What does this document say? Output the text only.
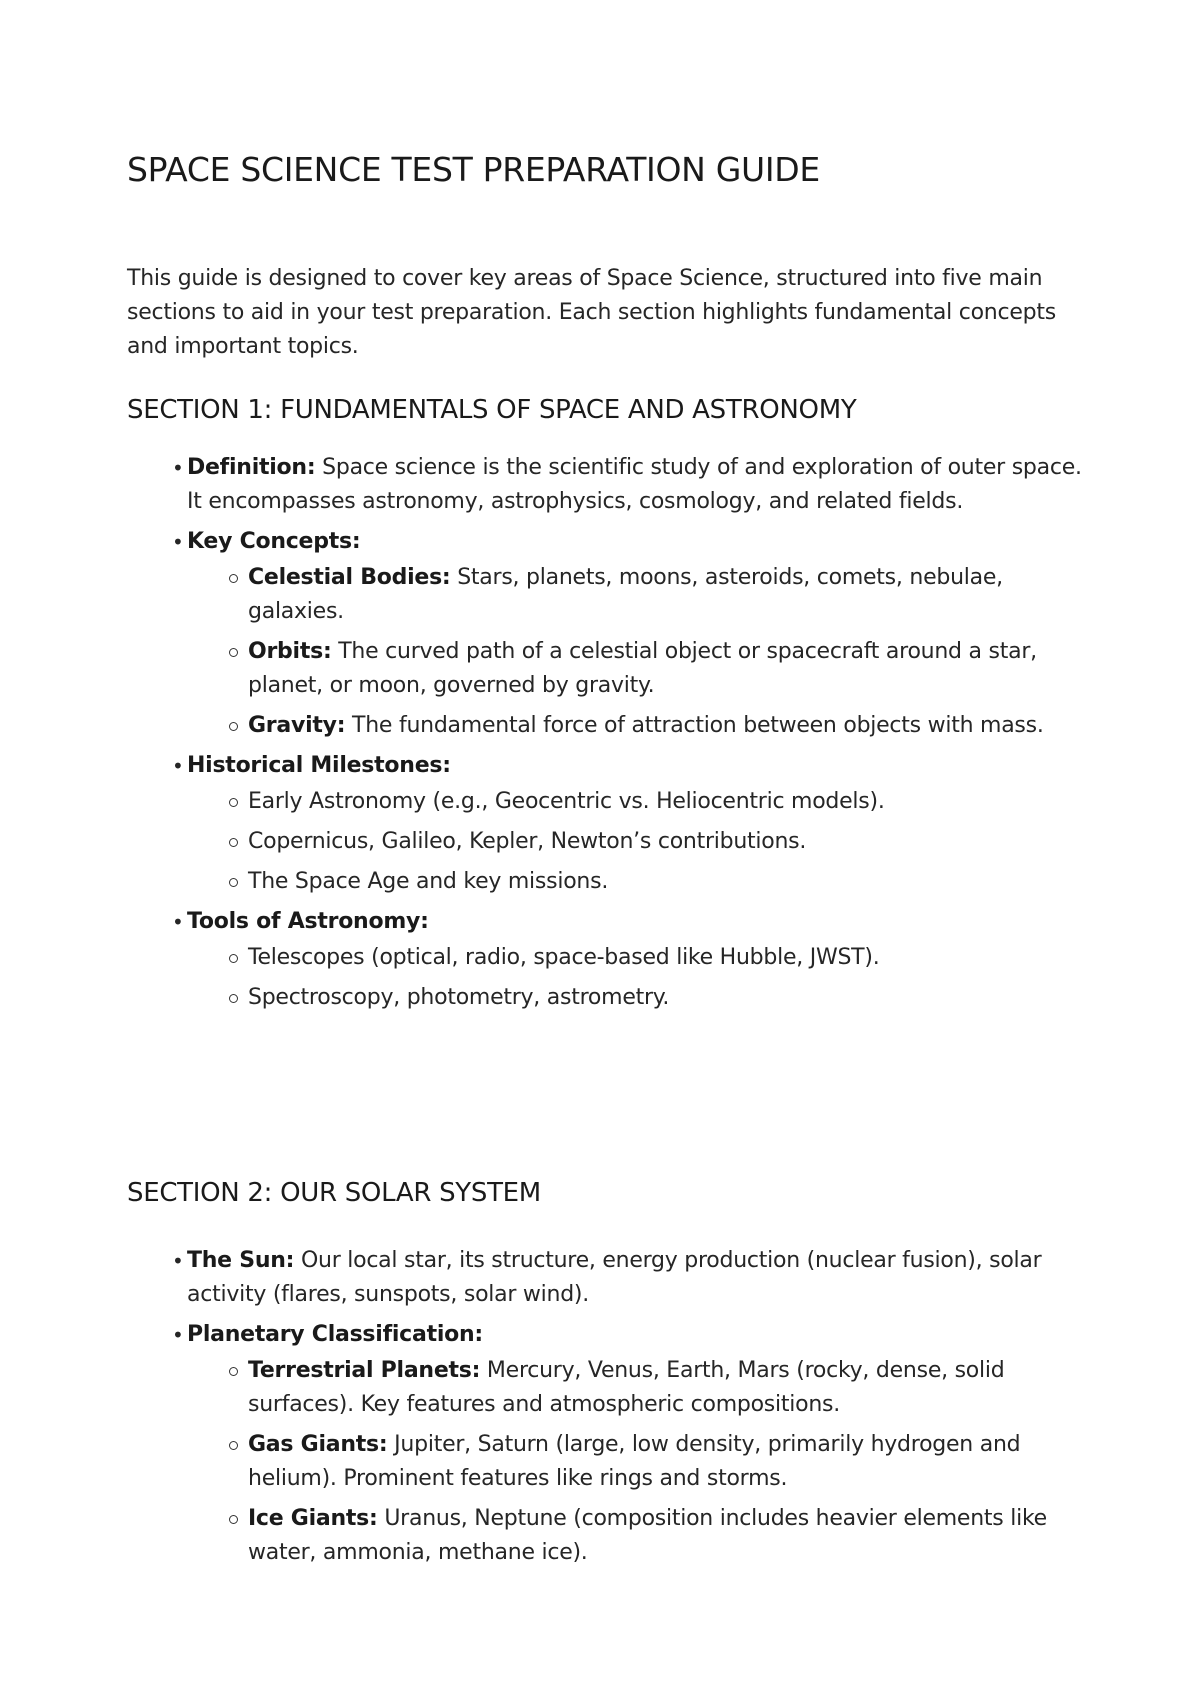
SPACE SCIENCE TEST PREPARATION GUIDE

This guide is designed to cover key areas of Space Science, structured into five main sections to aid in your test preparation. Each section highlights fundamental concepts and important topics.

SECTION 1: FUNDAMENTALS OF SPACE AND ASTRONOMY
• Definition: Space science is the scientific study of and exploration of outer space. It encompasses astronomy, astrophysics, cosmology, and related fields.
• Key Concepts:
Celestial Bodies: Stars, planets, moons, asteroids, comets, nebulae, galaxies.
Orbits: The curved path of a celestial object or spacecraft around a star, planet, or moon, governed by gravity.
Gravity: The fundamental force of attraction between objects with mass.
• Historical Milestones:
Early Astronomy (e.g., Geocentric vs. Heliocentric models).
Copernicus, Galileo, Kepler, Newton’s contributions.
The Space Age and key missions.
• Tools of Astronomy:
Telescopes (optical, radio, space-based like Hubble, JWST).
Spectroscopy, photometry, astrometry.
SECTION 2: OUR SOLAR SYSTEM
• The Sun: Our local star, its structure, energy production (nuclear fusion), solar activity (flares, sunspots, solar wind).
• Planetary Classification:
Terrestrial Planets: Mercury, Venus, Earth, Mars (rocky, dense, solid surfaces). Key features and atmospheric compositions.
Gas Giants: Jupiter, Saturn (large, low density, primarily hydrogen and helium). Prominent features like rings and storms.
Ice Giants: Uranus, Neptune (composition includes heavier elements like water, ammonia, methane ice).
